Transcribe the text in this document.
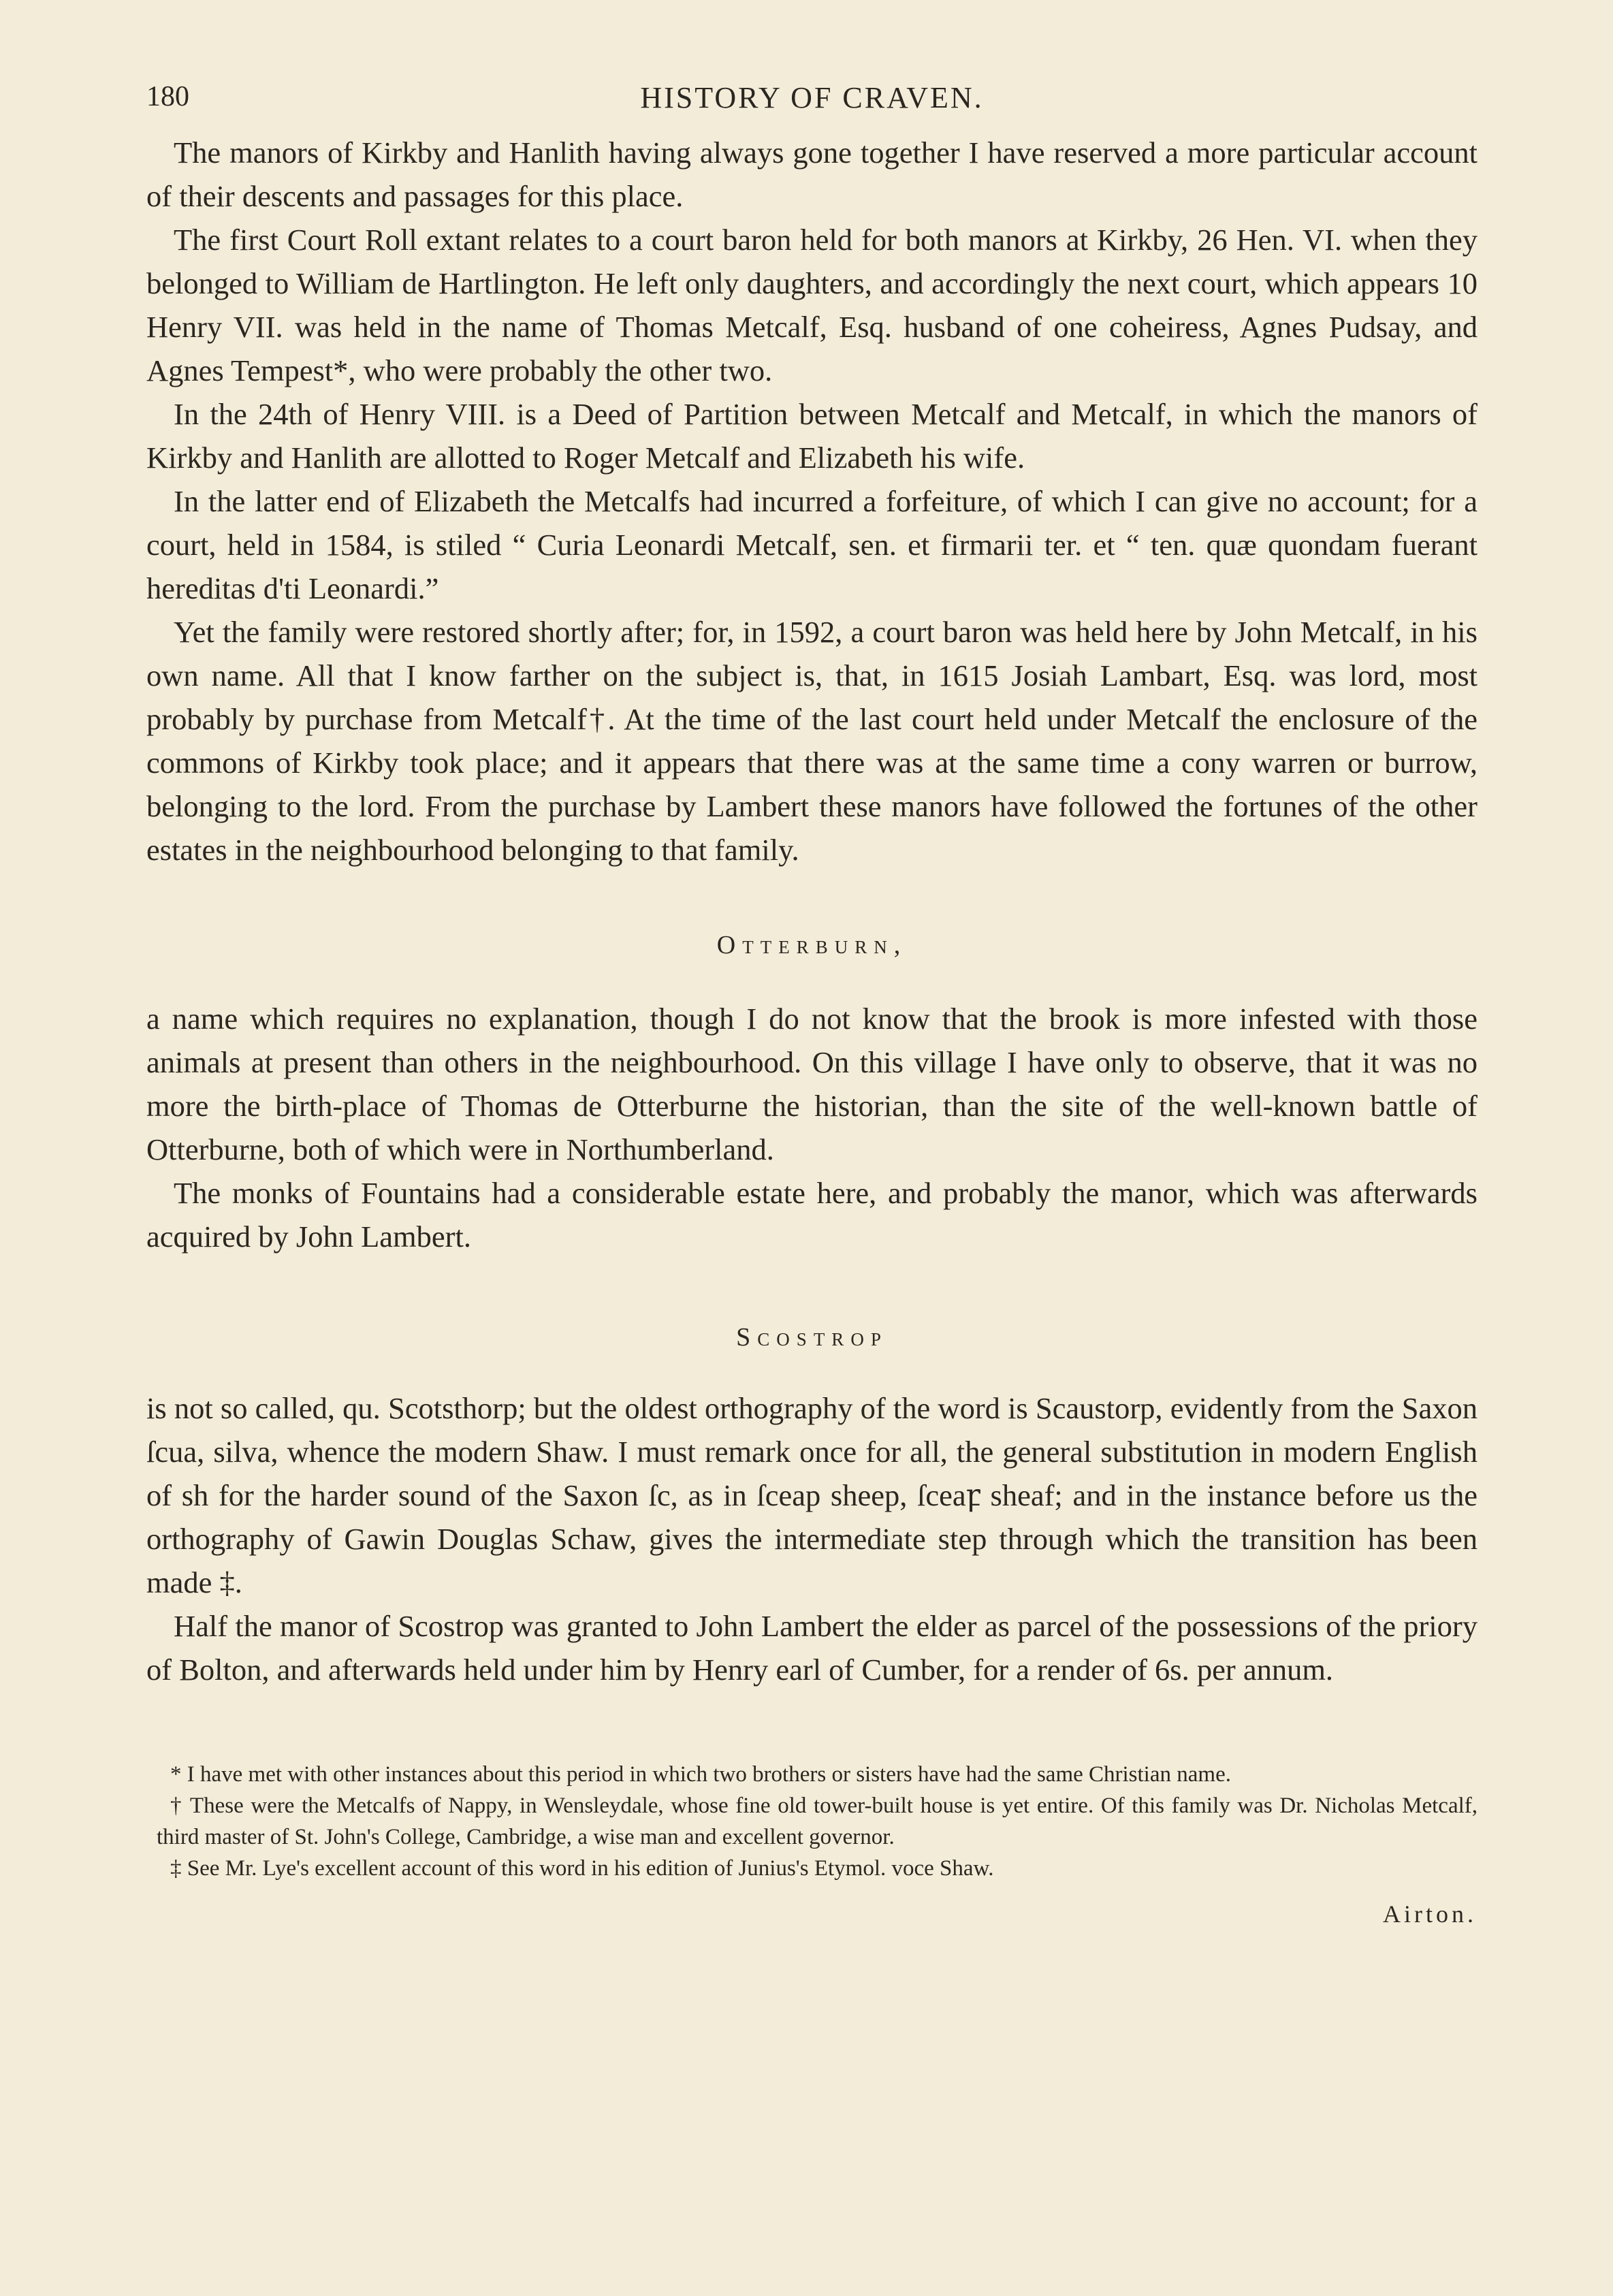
180	HISTORY OF CRAVEN.

The manors of Kirkby and Hanlith having always gone together I have reserved a more particular account of their descents and passages for this place.

The first Court Roll extant relates to a court baron held for both manors at Kirkby, 26 Hen. VI. when they belonged to William de Hartlington. He left only daughters, and accordingly the next court, which appears 10 Henry VII. was held in the name of Thomas Metcalf, Esq. husband of one coheiress, Agnes Pudsay, and Agnes Tempest*, who were probably the other two.

In the 24th of Henry VIII. is a Deed of Partition between Metcalf and Metcalf, in which the manors of Kirkby and Hanlith are allotted to Roger Metcalf and Elizabeth his wife.

In the latter end of Elizabeth the Metcalfs had incurred a forfeiture, of which I can give no account; for a court, held in 1584, is stiled “ Curia Leonardi Metcalf, sen. et firmarii ter. et “ ten. quæ quondam fuerant hereditas d'ti Leonardi.”

Yet the family were restored shortly after; for, in 1592, a court baron was held here by John Metcalf, in his own name. All that I know farther on the subject is, that, in 1615 Josiah Lambart, Esq. was lord, most probably by purchase from Metcalf†. At the time of the last court held under Metcalf the enclosure of the commons of Kirkby took place; and it appears that there was at the same time a cony warren or burrow, belonging to the lord. From the purchase by Lambert these manors have followed the fortunes of the other estates in the neighbourhood belonging to that family.

Otterburn,

a name which requires no explanation, though I do not know that the brook is more infested with those animals at present than others in the neighbourhood. On this village I have only to observe, that it was no more the birth-place of Thomas de Otterburne the historian, than the site of the well-known battle of Otterburne, both of which were in Northumberland.

The monks of Fountains had a considerable estate here, and probably the manor, which was afterwards acquired by John Lambert.

Scostrop

is not so called, qu. Scotsthorp; but the oldest orthography of the word is Scaustorp, evidently from the Saxon ſcua, silva, whence the modern Shaw. I must remark once for all, the general substitution in modern English of sh for the harder sound of the Saxon ſc, as in ſceap sheep, ſceaꝼ sheaf; and in the instance before us the orthography of Gawin Douglas Schaw, gives the intermediate step through which the transition has been made ‡.

Half the manor of Scostrop was granted to John Lambert the elder as parcel of the possessions of the priory of Bolton, and afterwards held under him by Henry earl of Cumber, for a render of 6s. per annum.

* I have met with other instances about this period in which two brothers or sisters have had the same Christian name.

† These were the Metcalfs of Nappy, in Wensleydale, whose fine old tower-built house is yet entire. Of this family was Dr. Nicholas Metcalf, third master of St. John's College, Cambridge, a wise man and excellent governor.

‡ See Mr. Lye's excellent account of this word in his edition of Junius's Etymol. voce Shaw.

Airton.
